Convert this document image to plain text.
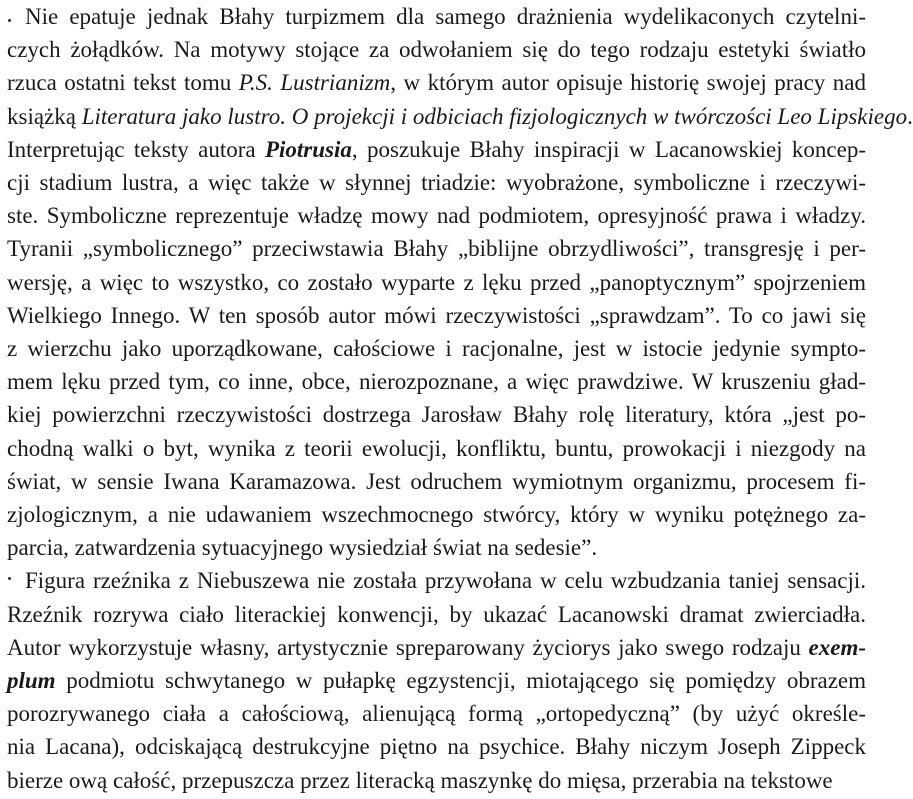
Nie epatuje jednak Błahy turpizmem dla samego drażnienia wydelikaconych czytelni-
czych żołądków. Na motywy stojące za odwołaniem się do tego rodzaju estetyki światło
rzuca ostatni tekst tomu P.S. Lustrianizm, w którym autor opisuje historię swojej pracy nad
książką Literatura jako lustro. O projekcji i odbiciach fizjologicznych w twórczości Leo Lipskiego.
Interpretując teksty autora Piotrusia, poszukuje Błahy inspiracji w Lacanowskiej koncep-
cji stadium lustra, a więc także w słynnej triadzie: wyobrażone, symboliczne i rzeczywi-
ste. Symboliczne reprezentuje władzę mowy nad podmiotem, opresyjność prawa i władzy.
Tyranii „symbolicznego” przeciwstawia Błahy „biblijne obrzydliwości”, transgresję i per-
wersję, a więc to wszystko, co zostało wyparte z lęku przed „panoptycznym” spojrzeniem
Wielkiego Innego. W ten sposób autor mówi rzeczywistości „sprawdzam”. To co jawi się
z wierzchu jako uporządkowane, całościowe i racjonalne, jest w istocie jedynie sympto-
mem lęku przed tym, co inne, obce, nierozpoznane, a więc prawdziwe. W kruszeniu gład-
kiej powierzchni rzeczywistości dostrzega Jarosław Błahy rolę literatury, która „jest po-
chodną walki o byt, wynika z teorii ewolucji, konfliktu, buntu, prowokacji i niezgody na
świat, w sensie Iwana Karamazowa. Jest odruchem wymiotnym organizmu, procesem fi-
zjologicznym, a nie udawaniem wszechmocnego stwórcy, który w wyniku potężnego za-
parcia, zatwardzenia sytuacyjnego wysiedział świat na sedesie”.
Figura rzeźnika z Niebuszewa nie została przywołana w celu wzbudzania taniej sensacji.
Rzeźnik rozrywa ciało literackiej konwencji, by ukazać Lacanowski dramat zwierciadła.
Autor wykorzystuje własny, artystycznie spreparowany życiorys jako swego rodzaju exem-
plum podmiotu schwytanego w pułapkę egzystencji, miotającego się pomiędzy obrazem
porozrywanego ciała a całościową, alienującą formą „ortopedyczną” (by użyć określe-
nia Lacana), odciskającą destrukcyjne piętno na psychice. Błahy niczym Joseph Zippeck
bierze ową całość, przepuszcza przez literacką maszynkę do mięsa, przerabia na tekstowe
